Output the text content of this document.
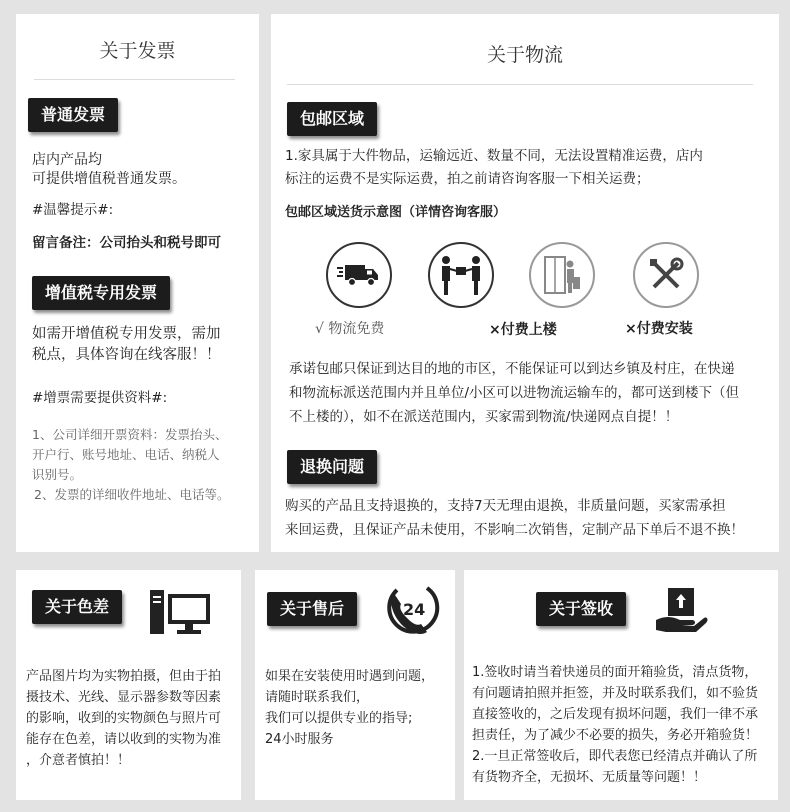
关于发票
普通发票
店内产品均
可提供增值税普通发票。
#温馨提示#:
留言备注：公司抬头和税号即可
增值税专用发票
如需开增值税专用发票，需加
税点，具体咨询在线客服！！
#增票需要提供资料#:
1、公司详细开票资料：发票抬头、
开户行、账号地址、电话、纳税人
识别号。
2、发票的详细收件地址、电话等。
关于物流
包邮区域
1.家具属于大件物品，运输远近、数量不同，无法设置精准运费，店内
标注的运费不是实际运费，拍之前请咨询客服一下相关运费；
包邮区域送货示意图（详情咨询客服）
√ 物流免费	×付费上楼	×付费安装
承诺包邮只保证到达目的地的市区，不能保证可以到达乡镇及村庄，在快递
和物流标派送范围内并且单位/小区可以进物流运输车的，都可送到楼下（但
不上楼的），如不在派送范围内，买家需到物流/快递网点自提！！
退换问题
购买的产品且支持退换的，支持7天无理由退换，非质量问题，买家需承担
来回运费，且保证产品未使用，不影响二次销售，定制产品下单后不退不换！
关于色差
产品图片均为实物拍摄，但由于拍
摄技术、光线、显示器参数等因素
的影响，收到的实物颜色与照片可
能存在色差，请以收到的实物为准
，介意者慎拍！！
关于售后	24
如果在安装使用时遇到问题，
请随时联系我们，
我们可以提供专业的指导;
24小时服务
关于签收
1.签收时请当着快递员的面开箱验货，清点货物，
有问题请拍照并拒签，并及时联系我们，如不验货
直接签收的，之后发现有损坏问题，我们一律不承
担责任，为了减少不必要的损失，务必开箱验货！
2.一旦正常签收后，即代表您已经清点并确认了所
有货物齐全，无损坏、无质量等问题！！
